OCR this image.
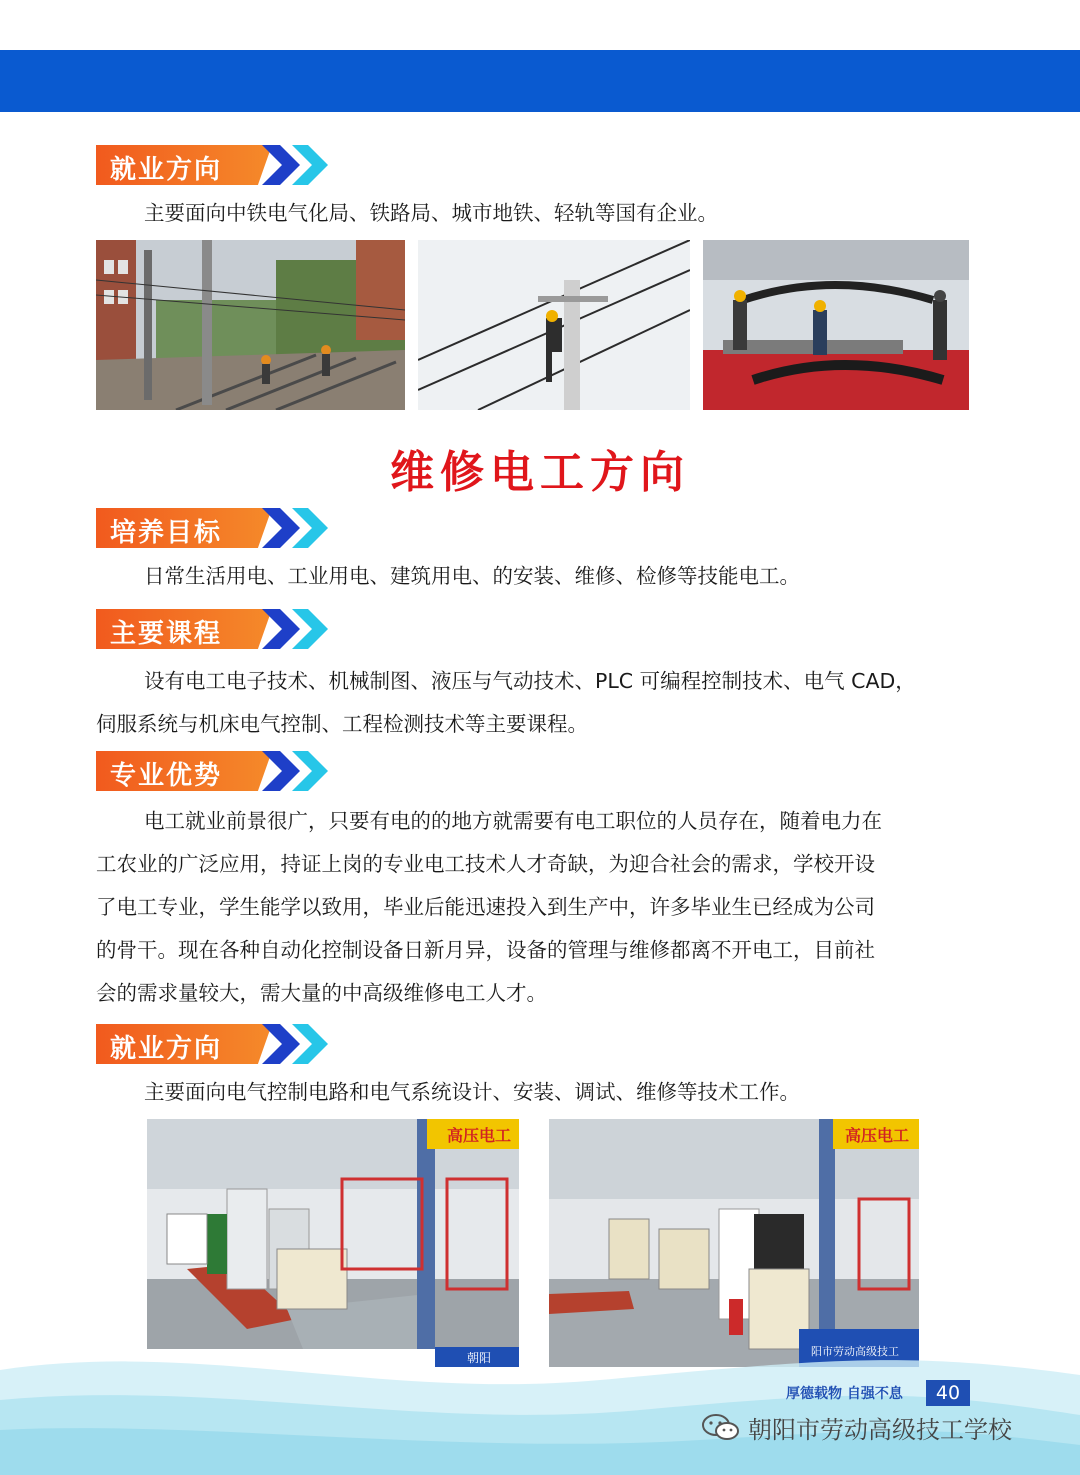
就业方向
主要面向中铁电气化局、铁路局、城市地铁、轻轨等国有企业。
维修电工方向
培养目标
日常生活用电、工业用电、建筑用电、的安装、维修、检修等技能电工。
主要课程
设有电工电子技术、机械制图、液压与气动技术、PLC 可编程控制技术、电气 CAD，
伺服系统与机床电气控制、工程检测技术等主要课程。
专业优势
电工就业前景很广，只要有电的的地方就需要有电工职位的人员存在，随着电力在
工农业的广泛应用，持证上岗的专业电工技术人才奇缺，为迎合社会的需求，学校开设
了电工专业，学生能学以致用，毕业后能迅速投入到生产中，许多毕业生已经成为公司
的骨干。现在各种自动化控制设备日新月异，设备的管理与维修都离不开电工，目前社
会的需求量较大，需大量的中高级维修电工人才。
就业方向
主要面向电气控制电路和电气系统设计、安装、调试、维修等技术工作。
高压电工
朝阳
高压电工
阳市劳动高级技工
厚德载物 自强不息	40
朝阳市劳动高级技工学校
